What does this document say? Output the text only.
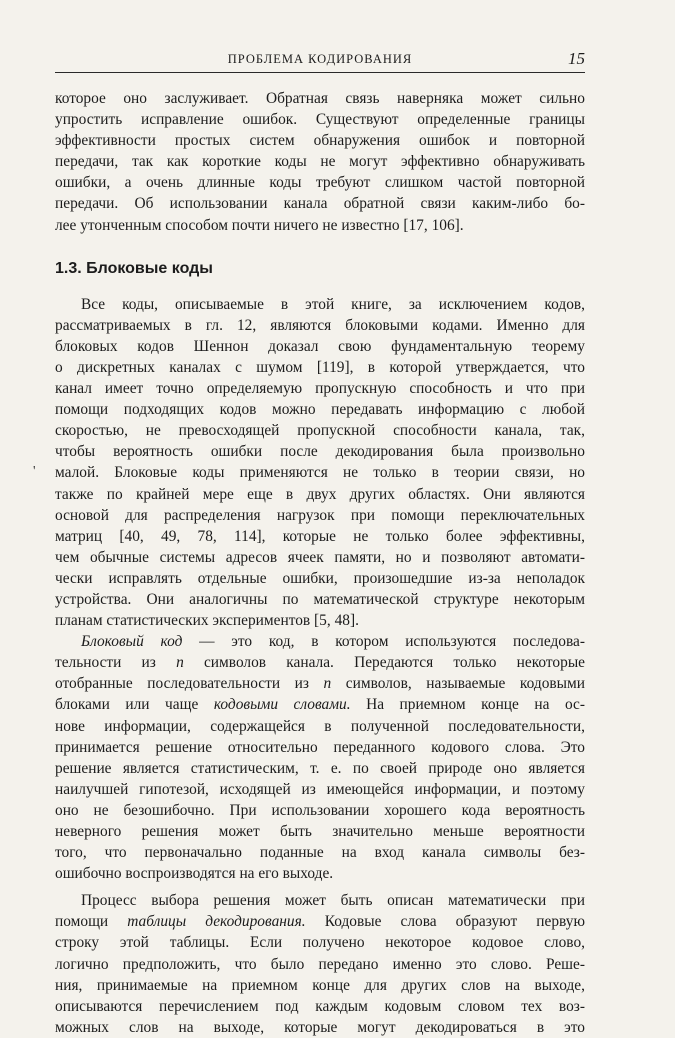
ПРОБЛЕМА КОДИРОВАНИЯ	15
'
которое оно заслуживает. Обратная связь наверняка может сильно
упростить исправление ошибок. Существуют определенные границы
эффективности простых систем обнаружения ошибок и повторной
передачи, так как короткие коды не могут эффективно обнаруживать
ошибки, а очень длинные коды требуют слишком частой повторной
передачи. Об использовании канала обратной связи каким-либо бо-
лее утонченным способом почти ничего не известно [17, 106].
1.3. Блоковые коды
Все коды, описываемые в этой книге, за исключением кодов,
рассматриваемых в гл. 12, являются блоковыми кодами. Именно для
блоковых кодов Шеннон доказал свою фундаментальную теорему
о дискретных каналах с шумом [119], в которой утверждается, что
канал имеет точно определяемую пропускную способность и что при
помощи подходящих кодов можно передавать информацию с любой
скоростью, не превосходящей пропускной способности канала, так,
чтобы вероятность ошибки после декодирования была произвольно
малой. Блоковые коды применяются не только в теории связи, но
также по крайней мере еще в двух других областях. Они являются
основой для распределения нагрузок при помощи переключательных
матриц [40, 49, 78, 114], которые не только более эффективны,
чем обычные системы адресов ячеек памяти, но и позволяют автомати-
чески исправлять отдельные ошибки, произошедшие из-за неполадок
устройства. Они аналогичны по математической структуре некоторым
планам статистических экспериментов [5, 48].
Блоковый код — это код, в котором используются последова-
тельности из n символов канала. Передаются только некоторые
отобранные последовательности из n символов, называемые кодовыми
блоками или чаще кодовыми словами. На приемном конце на ос-
нове информации, содержащейся в полученной последовательности,
принимается решение относительно переданного кодового слова. Это
решение является статистическим, т. е. по своей природе оно является
наилучшей гипотезой, исходящей из имеющейся информации, и поэтому
оно не безошибочно. При использовании хорошего кода вероятность
неверного решения может быть значительно меньше вероятности
того, что первоначально поданные на вход канала символы без-
ошибочно воспроизводятся на его выходе.
Процесс выбора решения может быть описан математически при
помощи таблицы декодирования. Кодовые слова образуют первую
строку этой таблицы. Если получено некоторое кодовое слово,
логично предположить, что было передано именно это слово. Реше-
ния, принимаемые на приемном конце для других слов на выходе,
описываются перечислением под каждым кодовым словом тех воз-
можных слов на выходе, которые могут декодироваться в это
